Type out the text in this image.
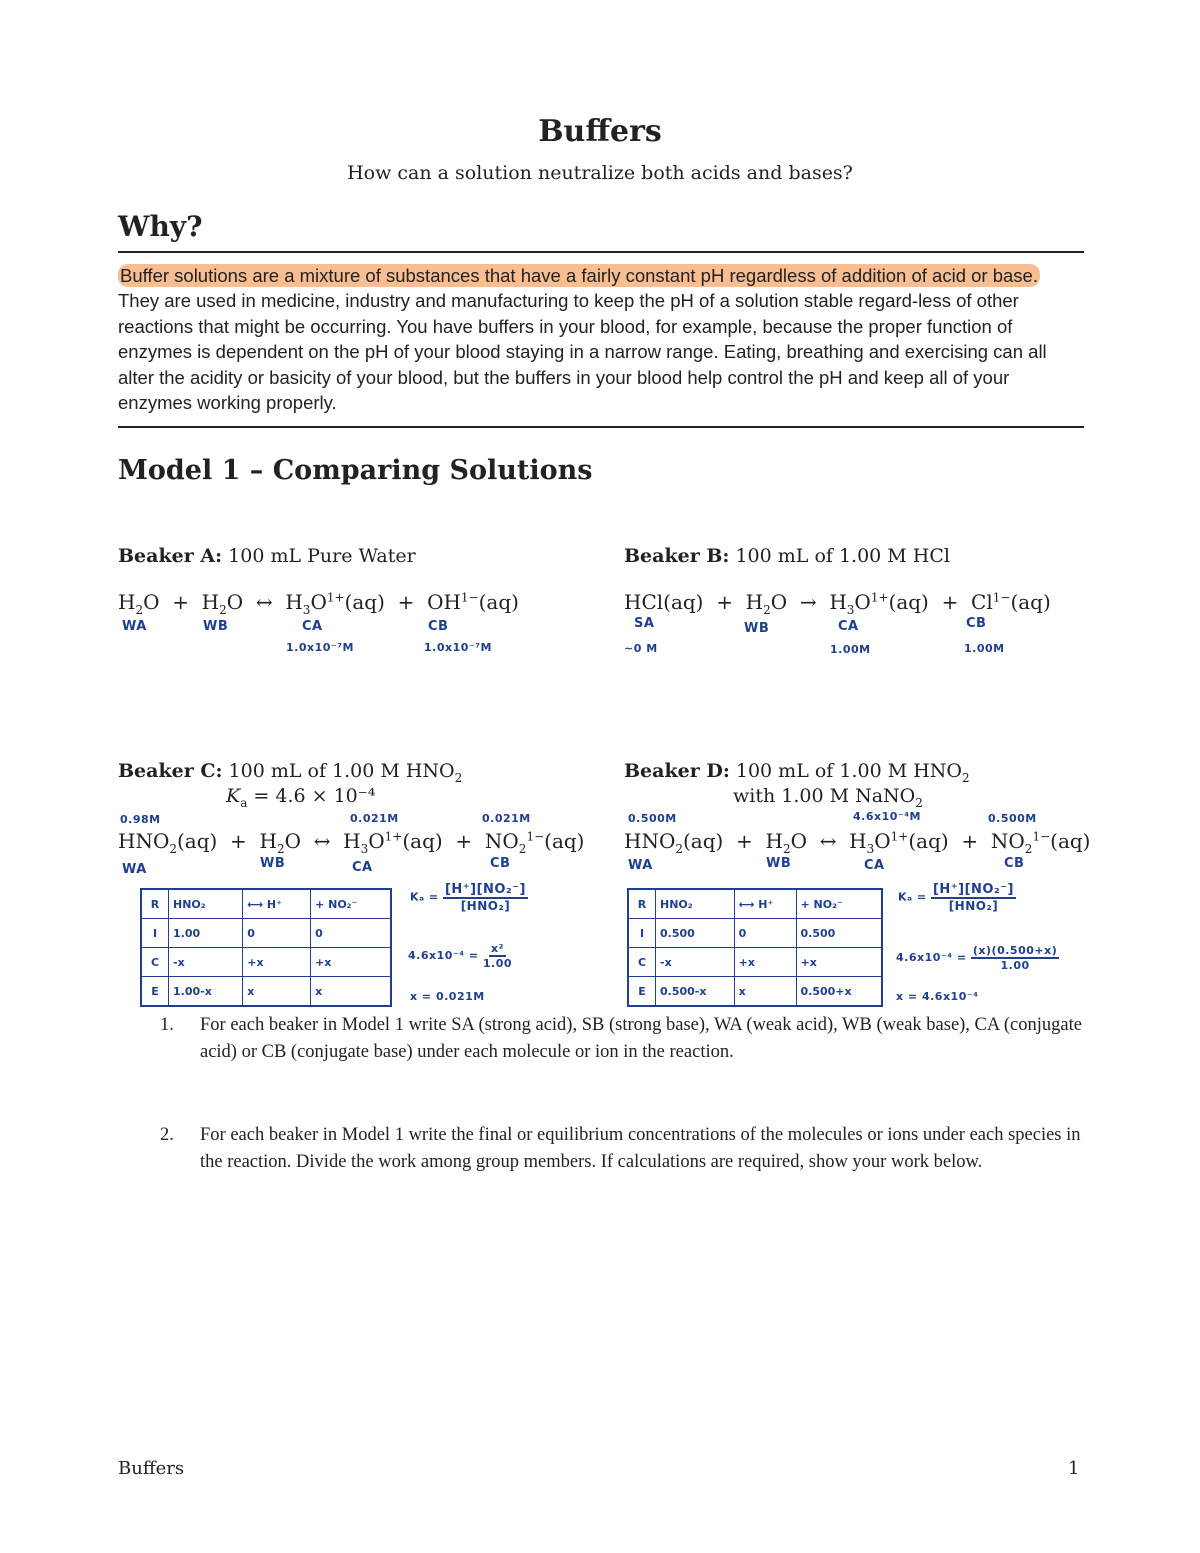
Buffers
How can a solution neutralize both acids and bases?
Why?
Buffer solutions are a mixture of substances that have a fairly constant pH regardless of addition of acid or base. They are used in medicine, industry and manufacturing to keep the pH of a solution stable regard-less of other reactions that might be occurring. You have buffers in your blood, for example, because the proper function of enzymes is dependent on the pH of your blood staying in a narrow range. Eating, breathing and exercising can all alter the acidity or basicity of your blood, but the buffers in your blood help control the pH and keep all of your enzymes working properly.
Model 1 – Comparing Solutions
Beaker A: 100 mL Pure Water
$H_2O + H_2O$  ↔  $H_3O^{1+}(aq) + OH^{1-}(aq)$
WA	WB	CA	CB
1.0x10⁻⁷M	1.0x10⁻⁷M
Beaker B: 100 mL of 1.00 M HCl
$HCl(aq) + H_2O \to H_3O^{1+}(aq) + Cl^{1-}(aq)$
SA	WB	CA	CB
~0 M	1.00M	1.00M
Beaker C: 100 mL of 1.00 M $HNO_2$
$K_a = 4.6 \times 10^{-4}$
0.98M	0.021M	0.021M
$HNO_2(aq) + H_2O$  ↔  $H_3O^{1+}(aq) + NO_2^{1-}(aq)$
WA	WB	CA	CB
R	HNO₂	⟷ H⁺	+ NO₂⁻
I	1.00	0	0
C	-x	+x	+x
E	1.00-x	x	x
$K_a = \frac{\text{[H⁺][NO₂⁻]}}{\text{[HNO₂]}}$
$4.6x10^{-4} = \frac{\text{x²}}{1.00}$
x = 0.021M
Beaker D: 100 mL of 1.00 M $HNO_2$
with 1.00 M NaNO$_2$
0.500M	4.6x10⁻⁴M	0.500M
$HNO_2(aq) + H_2O$  ↔  $H_3O^{1+}(aq) + NO_2^{1-}(aq)$
WA	WB	CA	CB
R	HNO₂	⟷ H⁺	+ NO₂⁻
I	0.500	0	0.500
C	-x	+x	+x
E	0.500-x	x	0.500+x
$K_a = \frac{\text{[H⁺][NO₂⁻]}}{\text{[HNO₂]}}$
$4.6x10^{-4} = \frac{(x)(0.500+x)}{1.00}$
x = 4.6x10⁻⁴
1. For each beaker in Model 1 write SA (strong acid), SB (strong base), WA (weak acid), WB (weak base), CA (conjugate acid) or CB (conjugate base) under each molecule or ion in the reaction.
2. For each beaker in Model 1 write the final or equilibrium concentrations of the molecules or ions under each species in the reaction. Divide the work among group members. If calculations are required, show your work below.
Buffers	1
